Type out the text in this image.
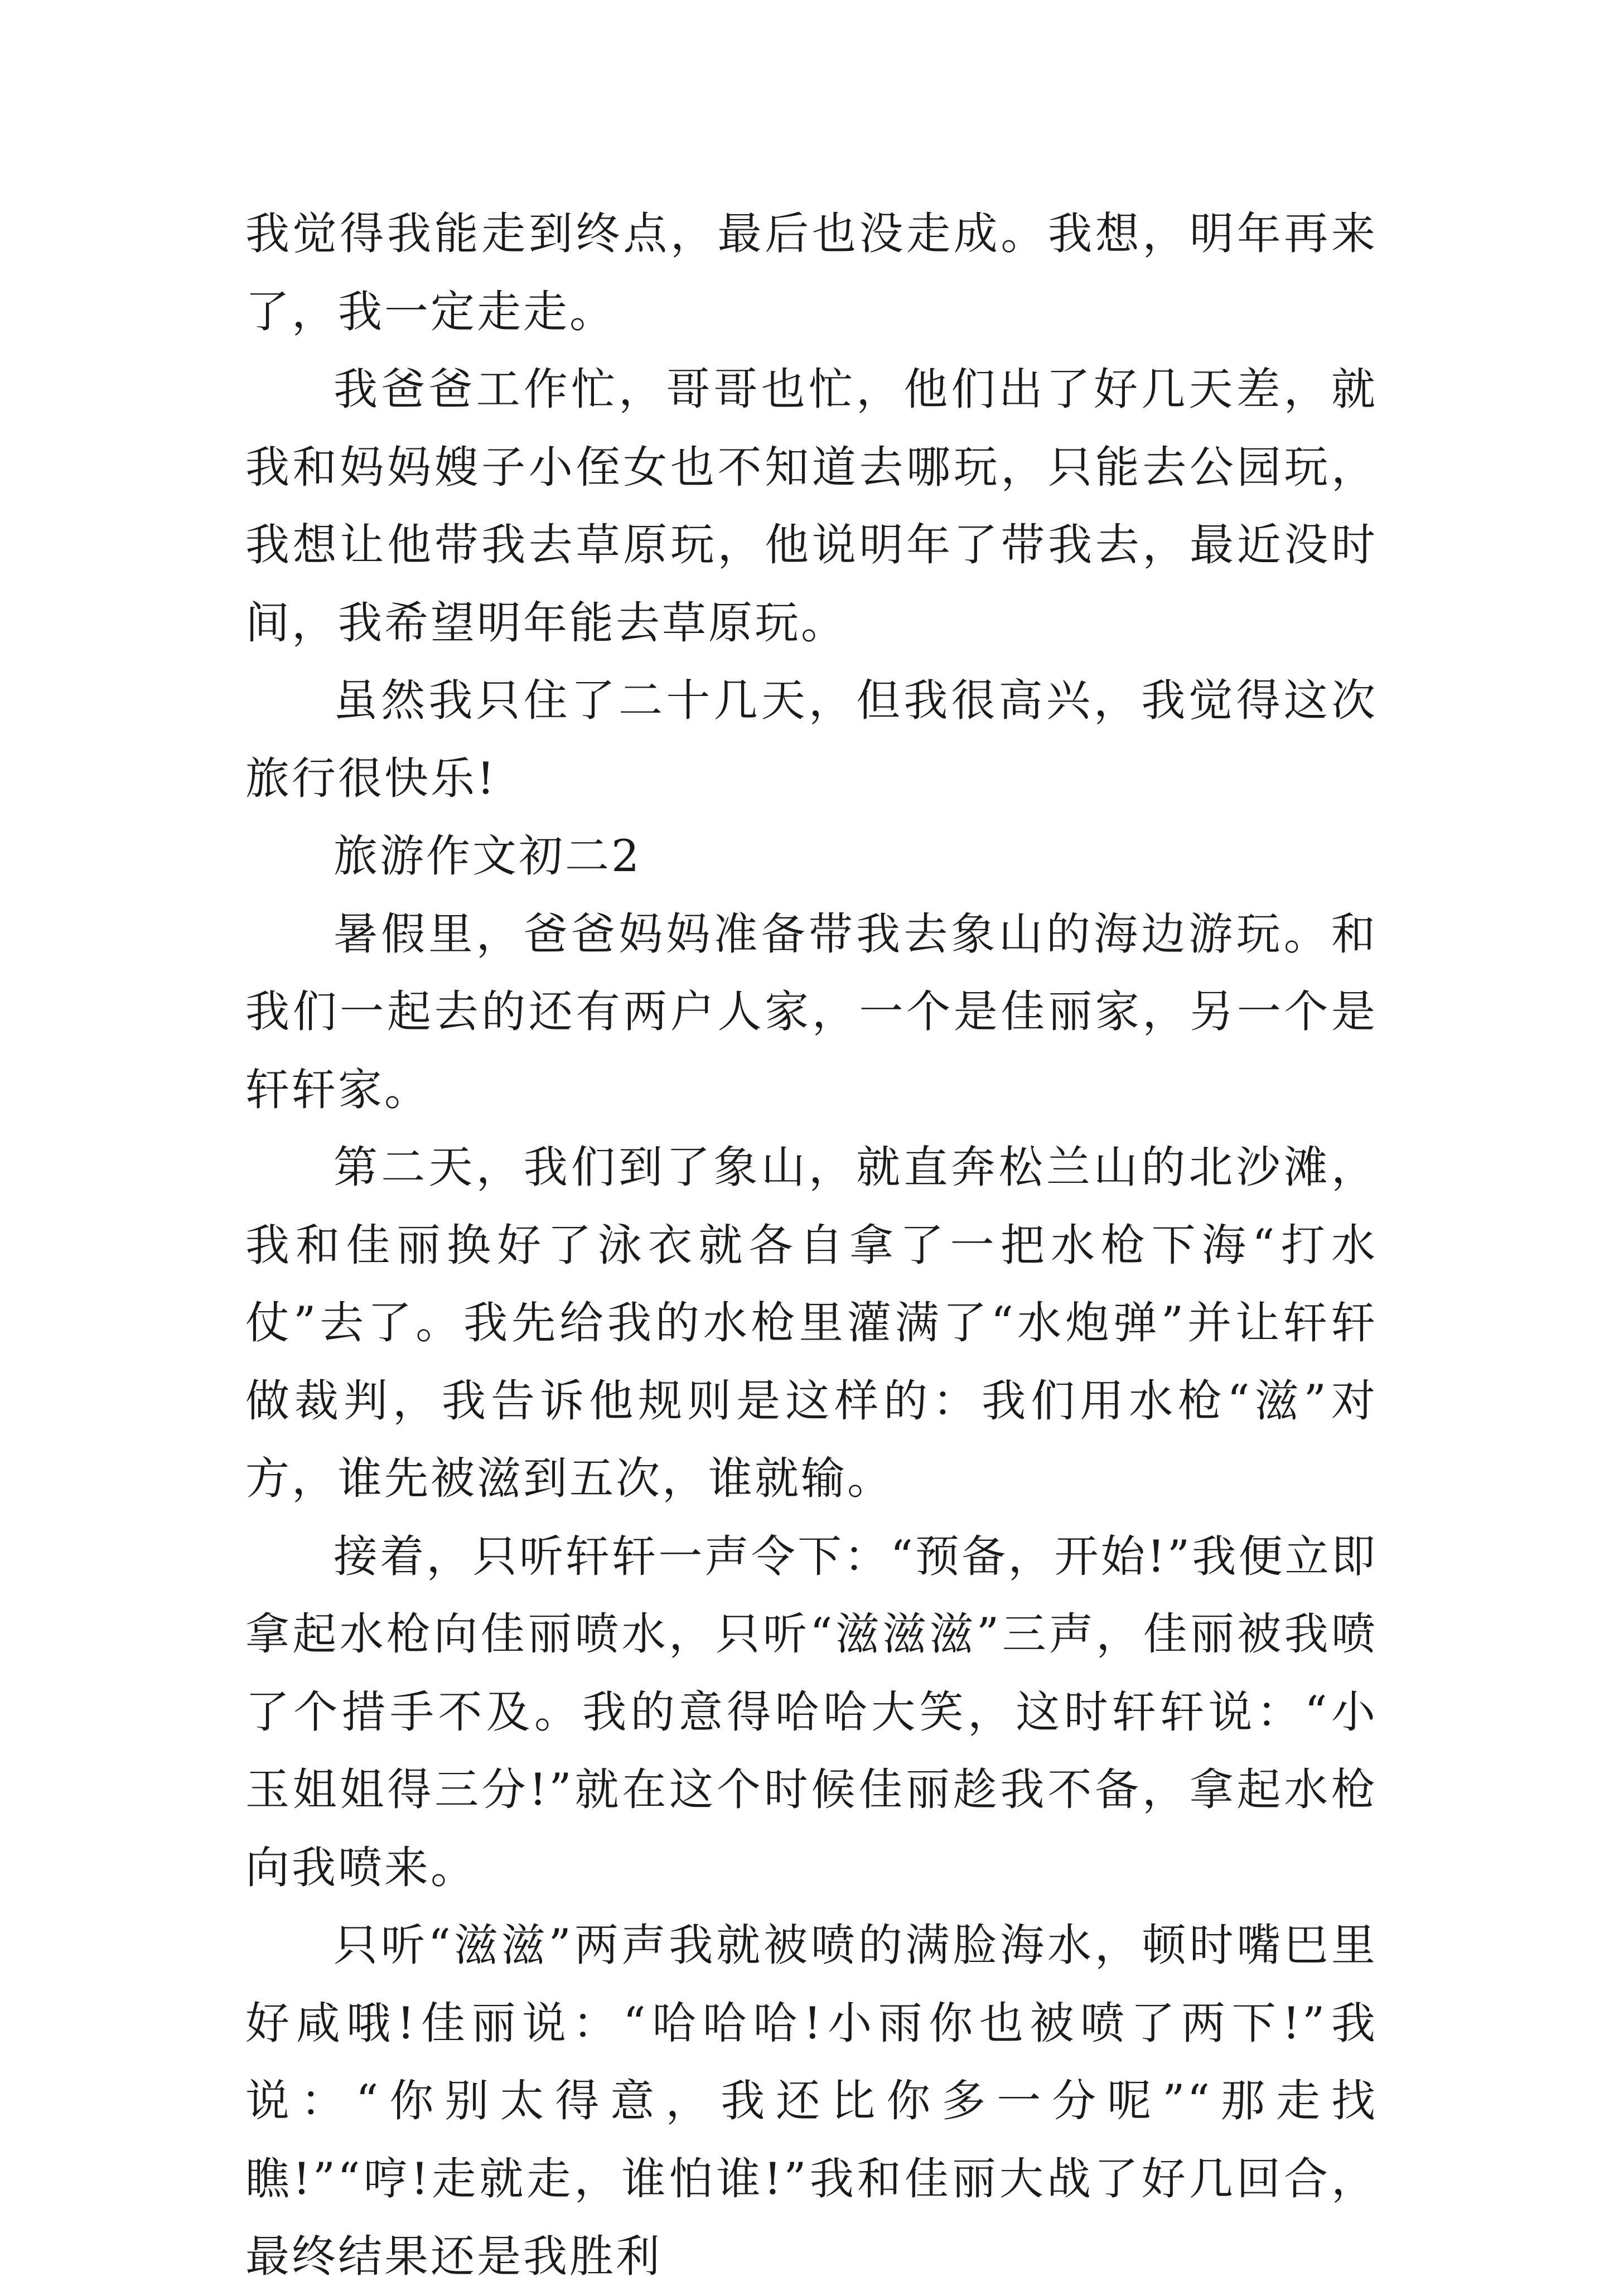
我觉得我能走到终点，最后也没走成。我想，明年再来了，我一定走走。

我爸爸工作忙，哥哥也忙，他们出了好几天差，就我和妈妈嫂子小侄女也不知道去哪玩，只能去公园玩，我想让他带我去草原玩，他说明年了带我去，最近没时间，我希望明年能去草原玩。

虽然我只住了二十几天，但我很高兴，我觉得这次旅行很快乐!

旅游作文初二2

暑假里，爸爸妈妈准备带我去象山的海边游玩。和我们一起去的还有两户人家，一个是佳丽家，另一个是轩轩家。

第二天，我们到了象山，就直奔松兰山的北沙滩，我和佳丽换好了泳衣就各自拿了一把水枪下海“打水仗”去了。我先给我的水枪里灌满了“水炮弹”并让轩轩做裁判，我告诉他规则是这样的：我们用水枪“滋”对方，谁先被滋到五次，谁就输。

接着，只听轩轩一声令下：“预备，开始!”我便立即拿起水枪向佳丽喷水，只听“滋滋滋”三声，佳丽被我喷了个措手不及。我的意得哈哈大笑，这时轩轩说：“小玉姐姐得三分!”就在这个时候佳丽趁我不备，拿起水枪向我喷来。

只听“滋滋”两声我就被喷的满脸海水，顿时嘴巴里好咸哦!佳丽说：“哈哈哈!小雨你也被喷了两下!”我说：“你别太得意，我还比你多一分呢”“那走找瞧!”“哼!走就走，谁怕谁!”我和佳丽大战了好几回合，最终结果还是我胜利
